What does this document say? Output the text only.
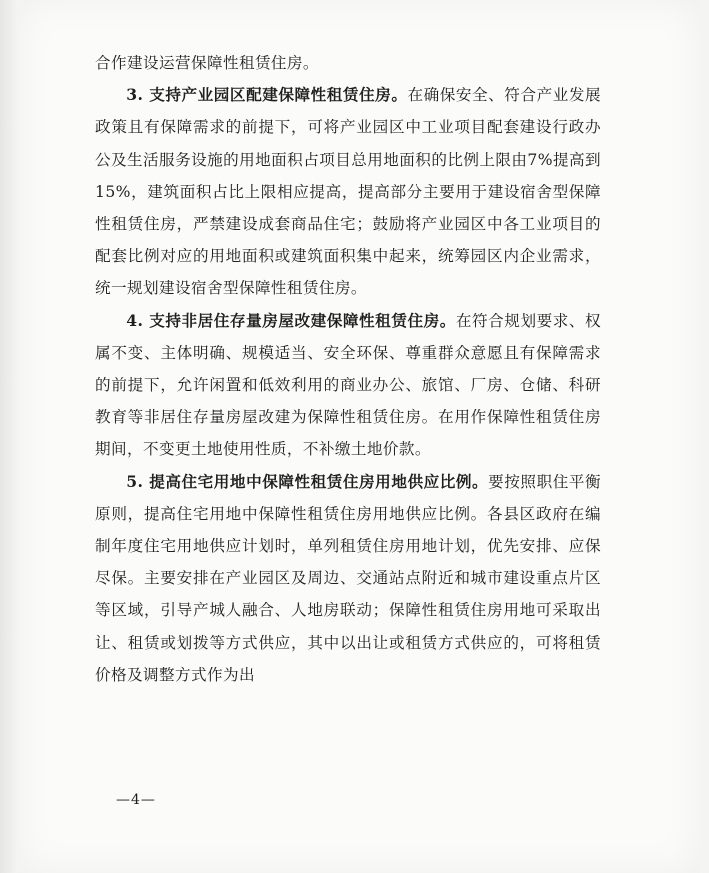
合作建设运营保障性租赁住房。

3. 支持产业园区配建保障性租赁住房。在确保安全、符合产业发展政策且有保障需求的前提下，可将产业园区中工业项目配套建设行政办公及生活服务设施的用地面积占项目总用地面积的比例上限由7%提高到15%，建筑面积占比上限相应提高，提高部分主要用于建设宿舍型保障性租赁住房，严禁建设成套商品住宅；鼓励将产业园区中各工业项目的配套比例对应的用地面积或建筑面积集中起来，统筹园区内企业需求，统一规划建设宿舍型保障性租赁住房。

4. 支持非居住存量房屋改建保障性租赁住房。在符合规划要求、权属不变、主体明确、规模适当、安全环保、尊重群众意愿且有保障需求的前提下，允许闲置和低效利用的商业办公、旅馆、厂房、仓储、科研教育等非居住存量房屋改建为保障性租赁住房。在用作保障性租赁住房期间，不变更土地使用性质，不补缴土地价款。

5. 提高住宅用地中保障性租赁住房用地供应比例。要按照职住平衡原则，提高住宅用地中保障性租赁住房用地供应比例。各县区政府在编制年度住宅用地供应计划时，单列租赁住房用地计划，优先安排、应保尽保。主要安排在产业园区及周边、交通站点附近和城市建设重点片区等区域，引导产城人融合、人地房联动；保障性租赁住房用地可采取出让、租赁或划拨等方式供应，其中以出让或租赁方式供应的，可将租赁价格及调整方式作为出

—4—
